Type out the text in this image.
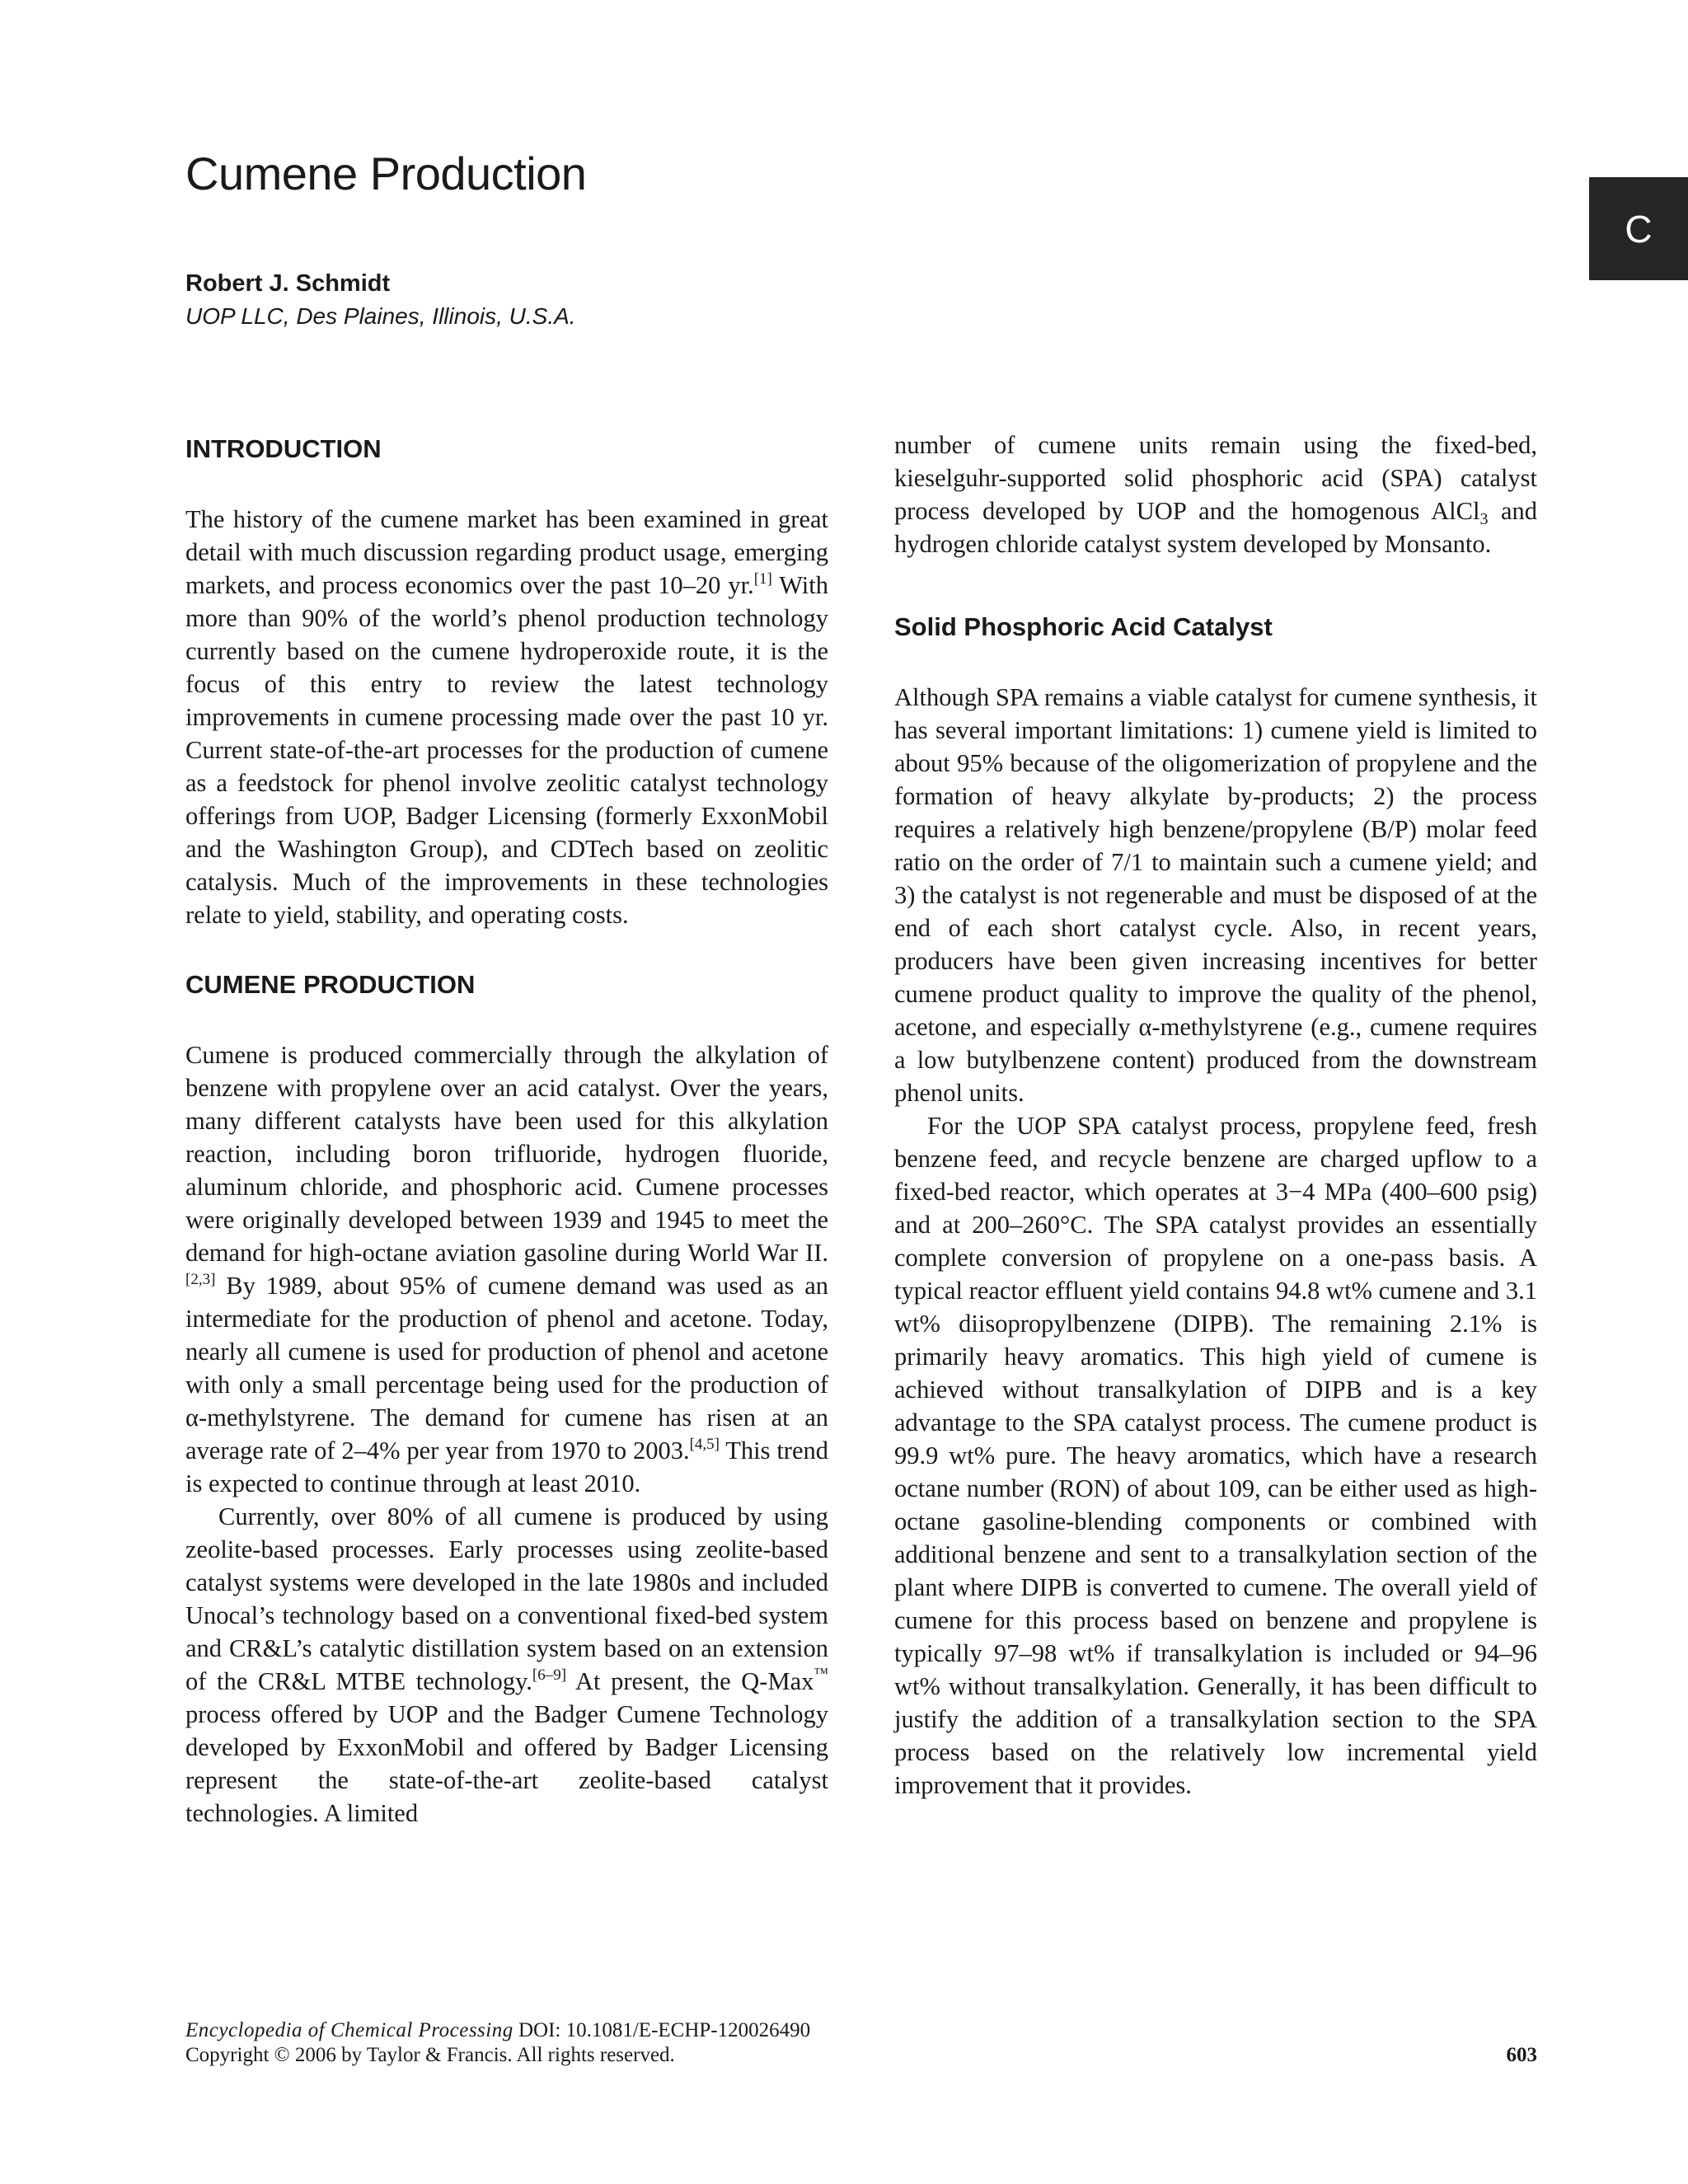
Cumene Production
Robert J. Schmidt
UOP LLC, Des Plaines, Illinois, U.S.A.
C
INTRODUCTION

The history of the cumene market has been examined in great detail with much discussion regarding product usage, emerging markets, and process economics over the past 10–20 yr.[1] With more than 90% of the world’s phenol production technology currently based on the cumene hydroperoxide route, it is the focus of this entry to review the latest technology improvements in cumene processing made over the past 10 yr. Current state-of-the-art processes for the production of cumene as a feedstock for phenol involve zeolitic catalyst technology offerings from UOP, Badger Licensing (formerly ExxonMobil and the Washington Group), and CDTech based on zeolitic catalysis. Much of the improvements in these technologies relate to yield, stability, and operating costs.

CUMENE PRODUCTION

Cumene is produced commercially through the alkylation of benzene with propylene over an acid catalyst. Over the years, many different catalysts have been used for this alkylation reaction, including boron trifluoride, hydrogen fluoride, aluminum chloride, and phosphoric acid. Cumene processes were originally developed between 1939 and 1945 to meet the demand for high-octane aviation gasoline during World War II.[2,3] By 1989, about 95% of cumene demand was used as an intermediate for the production of phenol and acetone. Today, nearly all cumene is used for production of phenol and acetone with only a small percentage being used for the production of α-methylstyrene. The demand for cumene has risen at an average rate of 2–4% per year from 1970 to 2003.[4,5] This trend is expected to continue through at least 2010.

Currently, over 80% of all cumene is produced by using zeolite-based processes. Early processes using zeolite-based catalyst systems were developed in the late 1980s and included Unocal’s technology based on a conventional fixed-bed system and CR&L’s catalytic distillation system based on an extension of the CR&L MTBE technology.[6–9] At present, the Q-Max™ process offered by UOP and the Badger Cumene Technology developed by ExxonMobil and offered by Badger Licensing represent the state-of-the-art zeolite-based catalyst technologies. A limited

number of cumene units remain using the fixed-bed, kieselguhr-supported solid phosphoric acid (SPA) catalyst process developed by UOP and the homogenous AlCl$_3$ and hydrogen chloride catalyst system developed by Monsanto.

Solid Phosphoric Acid Catalyst

Although SPA remains a viable catalyst for cumene synthesis, it has several important limitations: 1) cumene yield is limited to about 95% because of the oligomerization of propylene and the formation of heavy alkylate by-products; 2) the process requires a relatively high benzene/propylene (B/P) molar feed ratio on the order of 7/1 to maintain such a cumene yield; and 3) the catalyst is not regenerable and must be disposed of at the end of each short catalyst cycle. Also, in recent years, producers have been given increasing incentives for better cumene product quality to improve the quality of the phenol, acetone, and especially α-methylstyrene (e.g., cumene requires a low butylbenzene content) produced from the downstream phenol units.

For the UOP SPA catalyst process, propylene feed, fresh benzene feed, and recycle benzene are charged upflow to a fixed-bed reactor, which operates at 3−4 MPa (400–600 psig) and at 200–260°C. The SPA catalyst provides an essentially complete conversion of propylene on a one-pass basis. A typical reactor effluent yield contains 94.8 wt% cumene and 3.1 wt% diisopropylbenzene (DIPB). The remaining 2.1% is primarily heavy aromatics. This high yield of cumene is achieved without transalkylation of DIPB and is a key advantage to the SPA catalyst process. The cumene product is 99.9 wt% pure. The heavy aromatics, which have a research octane number (RON) of about 109, can be either used as high-octane gasoline-blending components or combined with additional benzene and sent to a transalkylation section of the plant where DIPB is converted to cumene. The overall yield of cumene for this process based on benzene and propylene is typically 97–98 wt% if transalkylation is included or 94–96 wt% without transalkylation. Generally, it has been difficult to justify the addition of a transalkylation section to the SPA process based on the relatively low incremental yield improvement that it provides.

Encyclopedia of Chemical Processing DOI: 10.1081/E-ECHP-120026490
Copyright © 2006 by Taylor & Francis. All rights reserved.	603
